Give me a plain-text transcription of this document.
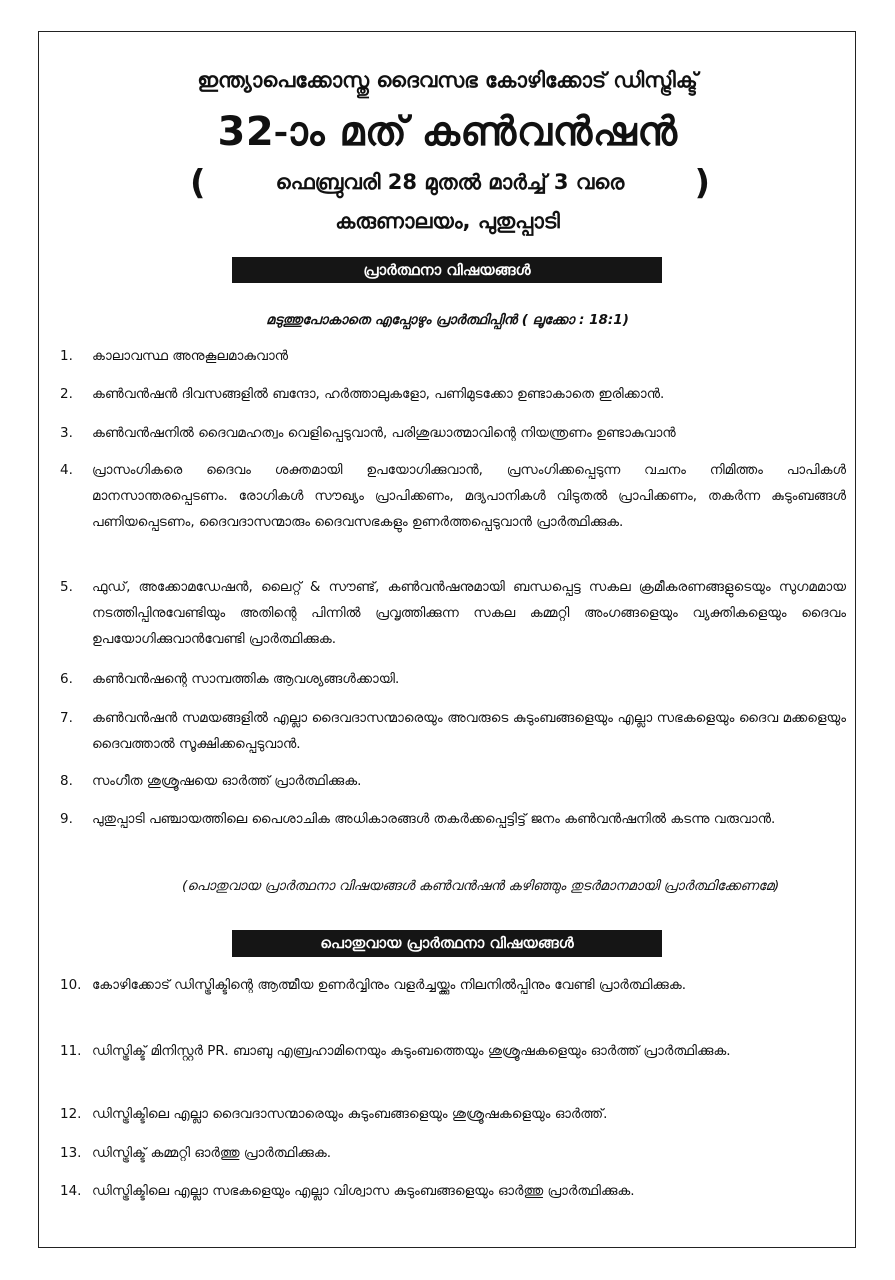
ഇന്ത്യാപെക്കോസ്തു ദൈവസഭ കോഴിക്കോട് ഡിസ്ട്രിക്ട്
32-ാം മത് കൺവൻഷൻ
(	ഫെബ്രുവരി 28 മുതൽ മാർച്ച് 3 വരെ	)
കരുണാലയം, പുതുപ്പാടി
പ്രാർത്ഥനാ വിഷയങ്ങൾ
മടുത്തുപോകാതെ എപ്പോഴും പ്രാർത്ഥിപ്പിൻ ( ലൂക്കോ : 18:1)
1.	കാലാവസ്ഥ അനുകൂലമാകുവാൻ
2.	കൺവൻഷൻ ദിവസങ്ങളിൽ ബന്ദോ, ഹർത്താലുകളോ, പണിമുടക്കോ ഉണ്ടാകാതെ ഇരിക്കാൻ.
3.	കൺവൻഷനിൽ ദൈവമഹത്വം വെളിപ്പെടുവാൻ, പരിശുദ്ധാത്മാവിന്റെ നിയന്ത്രണം ഉണ്ടാകുവാൻ
4.	പ്രാസംഗികരെ ദൈവം ശക്തമായി ഉപയോഗിക്കുവാൻ, പ്രസംഗിക്കപ്പെടുന്ന വചനം നിമിത്തം പാപികൾ മാനസാന്തരപ്പെടണം. രോഗികൾ സൗഖ്യം പ്രാപിക്കണം, മദ്യപാനികൾ വിടുതൽ പ്രാപിക്കണം, തകർന്ന കുടുംബങ്ങൾ പണിയപ്പെടണം, ദൈവദാസന്മാരും ദൈവസഭകളും ഉണർത്തപ്പെടുവാൻ പ്രാർത്ഥിക്കുക.
5.	ഫുഡ്, അക്കോമഡേഷൻ, ലൈറ്റ് & സൗണ്ട്, കൺവൻഷനുമായി ബന്ധപ്പെട്ട സകല ക്രമീകരണങ്ങളുടെയും സുഗമമായ നടത്തിപ്പിനുവേണ്ടിയും അതിന്റെ പിന്നിൽ പ്രവൃത്തിക്കുന്ന സകല കമ്മറ്റി അംഗങ്ങളെയും വ്യക്തികളെയും ദൈവം ഉപയോഗിക്കുവാൻവേണ്ടി പ്രാർത്ഥിക്കുക.
6.	കൺവൻഷന്റെ സാമ്പത്തിക ആവശ്യങ്ങൾക്കായി.
7.	കൺവൻഷൻ സമയങ്ങളിൽ എല്ലാ ദൈവദാസന്മാരെയും അവരുടെ കുടുംബങ്ങളെയും എല്ലാ സഭകളെയും ദൈവ മക്കളെയും ദൈവത്താൽ സൂക്ഷിക്കപ്പെടുവാൻ.
8.	സംഗീത ശുശ്രൂഷയെ ഓർത്ത് പ്രാർത്ഥിക്കുക.
9.	പുതുപ്പാടി പഞ്ചായത്തിലെ പൈശാചിക അധികാരങ്ങൾ തകർക്കപ്പെട്ടിട്ട് ജനം കൺവൻഷനിൽ കടന്നു വരുവാൻ.
(പൊതുവായ പ്രാർത്ഥനാ വിഷയങ്ങൾ കൺവൻഷൻ കഴിഞ്ഞും തുടർമാനമായി പ്രാർത്ഥിക്കേണമേ)
പൊതുവായ പ്രാർത്ഥനാ വിഷയങ്ങൾ
10. കോഴിക്കോട് ഡിസ്ട്രിക്ടിന്റെ ആത്മീയ ഉണർവ്വിനും വളർച്ചയ്ക്കും നിലനിൽപ്പിനും വേണ്ടി പ്രാർത്ഥിക്കുക.
11. ഡിസ്ട്രിക്ട് മിനിസ്റ്റർ PR. ബാബു എബ്രഹാമിനെയും കുടുംബത്തെയും ശുശ്രൂഷകളെയും ഓർത്ത് പ്രാർത്ഥിക്കുക.
12. ഡിസ്ട്രിക്ടിലെ എല്ലാ ദൈവദാസന്മാരെയും കുടുംബങ്ങളെയും ശുശ്രൂഷകളെയും ഓർത്ത്.
13. ഡിസ്ട്രിക്ട് കമ്മറ്റി ഓർത്തു പ്രാർത്ഥിക്കുക.
14. ഡിസ്ട്രിക്ടിലെ എല്ലാ സഭകളെയും എല്ലാ വിശ്വാസ കുടുംബങ്ങളെയും ഓർത്തു പ്രാർത്ഥിക്കുക.
